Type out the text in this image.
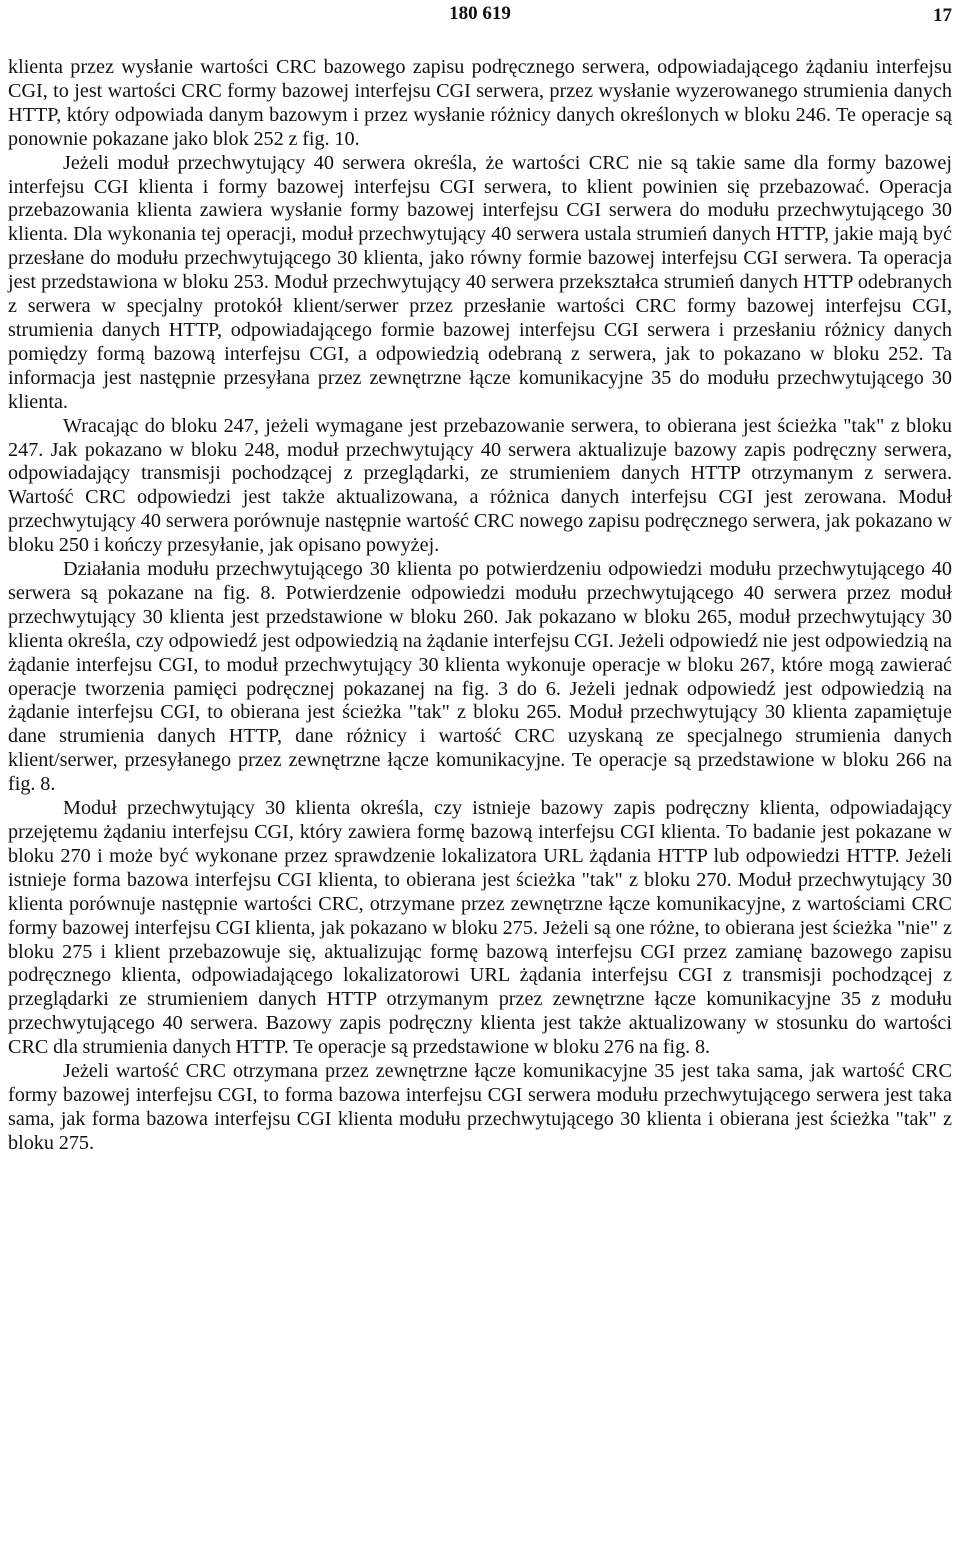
180 619	17

klienta przez wysłanie wartości CRC bazowego zapisu podręcznego serwera, odpowiadającego żądaniu interfejsu CGI, to jest wartości CRC formy bazowej interfejsu CGI serwera, przez wysłanie wyzerowanego strumienia danych HTTP, który odpowiada danym bazowym i przez wysłanie różnicy danych określonych w bloku 246. Te operacje są ponownie pokazane jako blok 252 z fig. 10.

Jeżeli moduł przechwytujący 40 serwera określa, że wartości CRC nie są takie same dla formy bazowej interfejsu CGI klienta i formy bazowej interfejsu CGI serwera, to klient powinien się przebazować. Operacja przebazowania klienta zawiera wysłanie formy bazowej interfejsu CGI serwera do modułu przechwytującego 30 klienta. Dla wykonania tej operacji, moduł przechwytujący 40 serwera ustala strumień danych HTTP, jakie mają być przesłane do modułu przechwytującego 30 klienta, jako równy formie bazowej interfejsu CGI serwera. Ta operacja jest przedstawiona w bloku 253. Moduł przechwytujący 40 serwera przekształca strumień danych HTTP odebranych z serwera w specjalny protokół klient/serwer przez przesłanie wartości CRC formy bazowej interfejsu CGI, strumienia danych HTTP, odpowiadającego formie bazowej interfejsu CGI serwera i przesłaniu różnicy danych pomiędzy formą bazową interfejsu CGI, a odpowiedzią odebraną z serwera, jak to pokazano w bloku 252. Ta informacja jest następnie przesyłana przez zewnętrzne łącze komunikacyjne 35 do modułu przechwytującego 30 klienta.

Wracając do bloku 247, jeżeli wymagane jest przebazowanie serwera, to obierana jest ścieżka "tak" z bloku 247. Jak pokazano w bloku 248, moduł przechwytujący 40 serwera aktualizuje bazowy zapis podręczny serwera, odpowiadający transmisji pochodzącej z przeglądarki, ze strumieniem danych HTTP otrzymanym z serwera. Wartość CRC odpowiedzi jest także aktualizowana, a różnica danych interfejsu CGI jest zerowana. Moduł przechwytujący 40 serwera porównuje następnie wartość CRC nowego zapisu podręcznego serwera, jak pokazano w bloku 250 i kończy przesyłanie, jak opisano powyżej.

Działania modułu przechwytującego 30 klienta po potwierdzeniu odpowiedzi modułu przechwytującego 40 serwera są pokazane na fig. 8. Potwierdzenie odpowiedzi modułu przechwytującego 40 serwera przez moduł przechwytujący 30 klienta jest przedstawione w bloku 260. Jak pokazano w bloku 265, moduł przechwytujący 30 klienta określa, czy odpowiedź jest odpowiedzią na żądanie interfejsu CGI. Jeżeli odpowiedź nie jest odpowiedzią na żądanie interfejsu CGI, to moduł przechwytujący 30 klienta wykonuje operacje w bloku 267, które mogą zawierać operacje tworzenia pamięci podręcznej pokazanej na fig. 3 do 6. Jeżeli jednak odpowiedź jest odpowiedzią na żądanie interfejsu CGI, to obierana jest ścieżka "tak" z bloku 265. Moduł przechwytujący 30 klienta zapamiętuje dane strumienia danych HTTP, dane różnicy i wartość CRC uzyskaną ze specjalnego strumienia danych klient/serwer, przesyłanego przez zewnętrzne łącze komunikacyjne. Te operacje są przedstawione w bloku 266 na fig. 8.

Moduł przechwytujący 30 klienta określa, czy istnieje bazowy zapis podręczny klienta, odpowiadający przejętemu żądaniu interfejsu CGI, który zawiera formę bazową interfejsu CGI klienta. To badanie jest pokazane w bloku 270 i może być wykonane przez sprawdzenie lokalizatora URL żądania HTTP lub odpowiedzi HTTP. Jeżeli istnieje forma bazowa interfejsu CGI klienta, to obierana jest ścieżka "tak" z bloku 270. Moduł przechwytujący 30 klienta porównuje następnie wartości CRC, otrzymane przez zewnętrzne łącze komunikacyjne, z wartościami CRC formy bazowej interfejsu CGI klienta, jak pokazano w bloku 275. Jeżeli są one różne, to obierana jest ścieżka "nie" z bloku 275 i klient przebazowuje się, aktualizując formę bazową interfejsu CGI przez zamianę bazowego zapisu podręcznego klienta, odpowiadającego lokalizatorowi URL żądania interfejsu CGI z transmisji pochodzącej z przeglądarki ze strumieniem danych HTTP otrzymanym przez zewnętrzne łącze komunikacyjne 35 z modułu przechwytującego 40 serwera. Bazowy zapis podręczny klienta jest także aktualizowany w stosunku do wartości CRC dla strumienia danych HTTP. Te operacje są przedstawione w bloku 276 na fig. 8.

Jeżeli wartość CRC otrzymana przez zewnętrzne łącze komunikacyjne 35 jest taka sama, jak wartość CRC formy bazowej interfejsu CGI, to forma bazowa interfejsu CGI serwera modułu przechwytującego serwera jest taka sama, jak forma bazowa interfejsu CGI klienta modułu przechwytującego 30 klienta i obierana jest ścieżka "tak" z bloku 275.
